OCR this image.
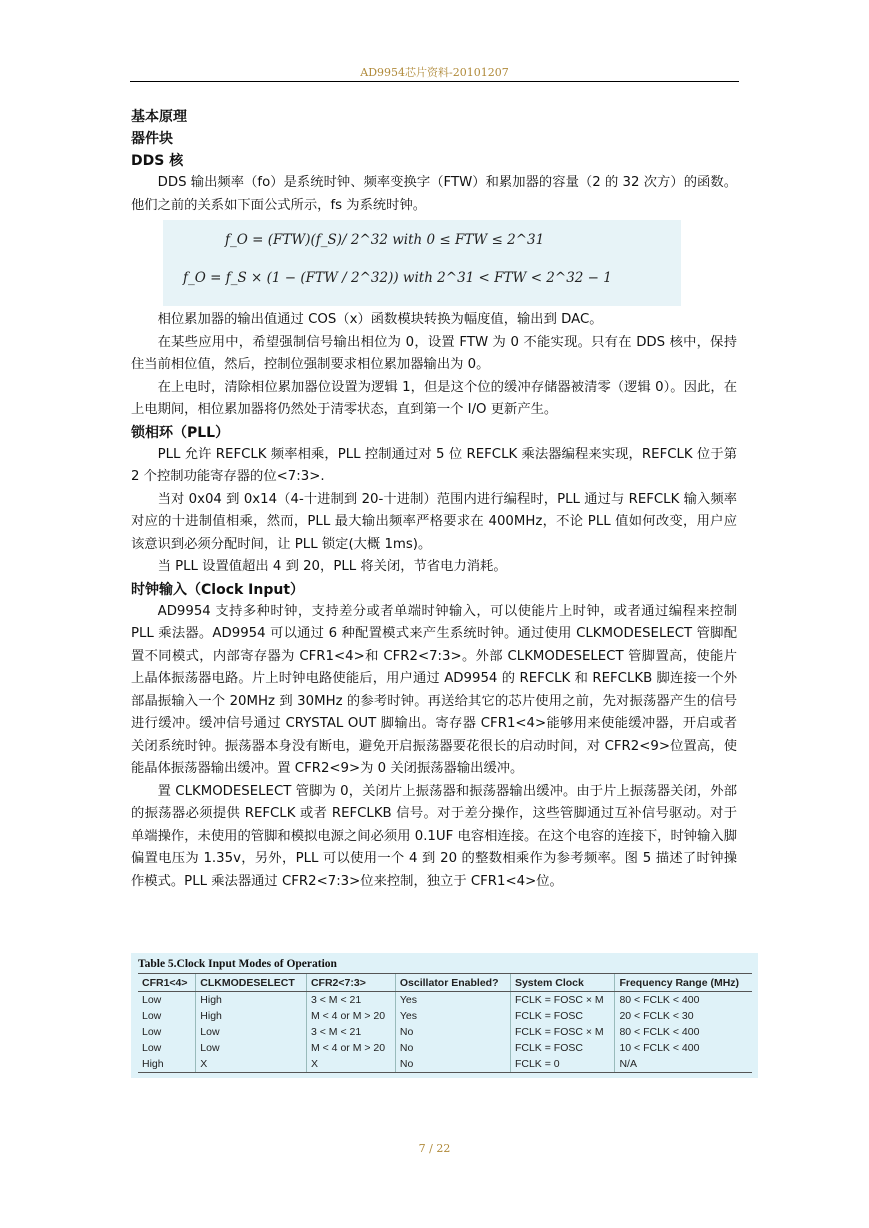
AD9954芯片资料-20101207

基本原理

器件块

DDS 核

DDS 输出频率（fo）是系统时钟、频率变换字（FTW）和累加器的容量（2 的 32 次方）的函数。他们之前的关系如下面公式所示，fs 为系统时钟。

f_O = (FTW)(f_S)/ 2^32 with 0 ≤ FTW ≤ 2^31
f_O = f_S × (1 − (FTW / 2^32)) with 2^31 < FTW < 2^32 − 1

相位累加器的输出值通过 COS（x）函数模块转换为幅度值，输出到 DAC。

在某些应用中，希望强制信号输出相位为 0，设置 FTW 为 0 不能实现。只有在 DDS 核中，保持住当前相位值，然后，控制位强制要求相位累加器输出为 0。

在上电时，清除相位累加器位设置为逻辑 1，但是这个位的缓冲存储器被清零（逻辑 0）。因此，在上电期间，相位累加器将仍然处于清零状态，直到第一个 I/O 更新产生。

锁相环（PLL）

PLL 允许 REFCLK 频率相乘，PLL 控制通过对 5 位 REFCLK 乘法器编程来实现，REFCLK 位于第 2 个控制功能寄存器的位<7:3>.

当对 0x04 到 0x14（4-十进制到 20-十进制）范围内进行编程时，PLL 通过与 REFCLK 输入频率对应的十进制值相乘，然而，PLL 最大输出频率严格要求在 400MHz，不论 PLL 值如何改变，用户应该意识到必须分配时间，让 PLL 锁定(大概 1ms)。

当 PLL 设置值超出 4 到 20，PLL 将关闭，节省电力消耗。

时钟输入（Clock Input）

AD9954 支持多种时钟，支持差分或者单端时钟输入，可以使能片上时钟，或者通过编程来控制 PLL 乘法器。AD9954 可以通过 6 种配置模式来产生系统时钟。通过使用 CLKMODESELECT 管脚配置不同模式，内部寄存器为 CFR1<4>和 CFR2<7:3>。外部 CLKMODESELECT 管脚置高，使能片上晶体振荡器电路。片上时钟电路使能后，用户通过 AD9954 的 REFCLK 和 REFCLKB 脚连接一个外部晶振输入一个 20MHz 到 30MHz 的参考时钟。再送给其它的芯片使用之前，先对振荡器产生的信号进行缓冲。缓冲信号通过 CRYSTAL OUT 脚输出。寄存器 CFR1<4>能够用来使能缓冲器，开启或者关闭系统时钟。振荡器本身没有断电，避免开启振荡器要花很长的启动时间，对 CFR2<9>位置高，使能晶体振荡器输出缓冲。置 CFR2<9>为 0 关闭振荡器输出缓冲。

置 CLKMODESELECT 管脚为 0，关闭片上振荡器和振荡器输出缓冲。由于片上振荡器关闭，外部的振荡器必须提供 REFCLK 或者 REFCLKB 信号。对于差分操作，这些管脚通过互补信号驱动。对于单端操作，未使用的管脚和模拟电源之间必须用 0.1UF 电容相连接。在这个电容的连接下，时钟输入脚偏置电压为 1.35v，另外，PLL 可以使用一个 4 到 20 的整数相乘作为参考频率。图 5 描述了时钟操作模式。PLL 乘法器通过 CFR2<7:3>位来控制，独立于 CFR1<4>位。

Table 5.Clock Input Modes of Operation
CFR1<4>	CLKMODESELECT	CFR2<7:3>	Oscillator Enabled?	System Clock	Frequency Range (MHz)
Low	High	3 < M < 21	Yes	FCLK = FOSC × M	80 < FCLK < 400
Low	High	M < 4 or M > 20	Yes	FCLK = FOSC	20 < FCLK < 30
Low	Low	3 < M < 21	No	FCLK = FOSC × M	80 < FCLK < 400
Low	Low	M < 4 or M > 20	No	FCLK = FOSC	10 < FCLK < 400
High	X	X	No	FCLK = 0	N/A
7 / 22
